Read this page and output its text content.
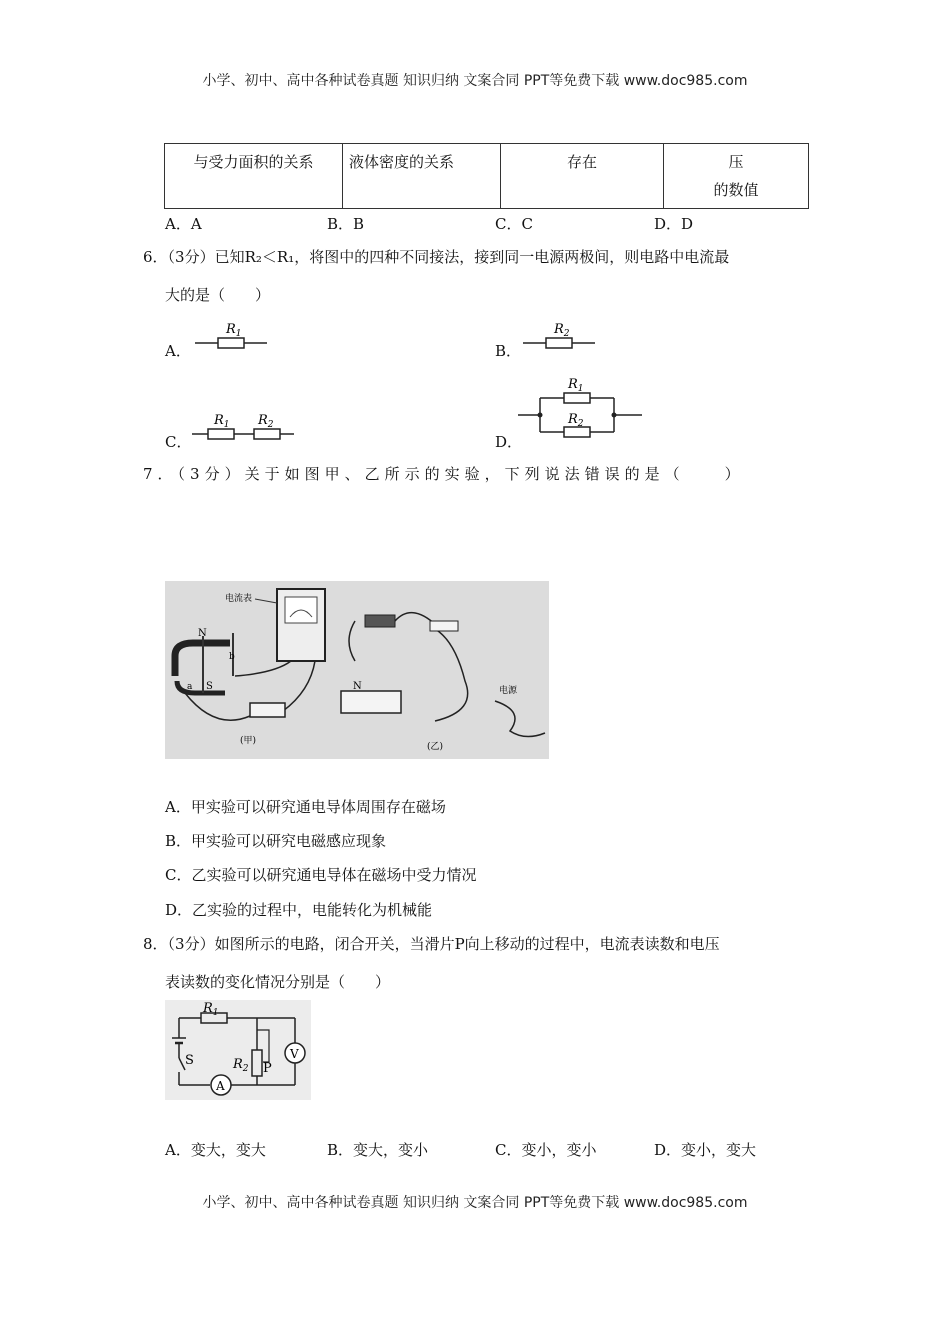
小学、初中、高中各种试卷真题 知识归纳 文案合同 PPT等免费下载 www.doc985.com
与受力面积的关系	液体密度的关系	存在	压
的数值
A．A	B．B	C．C	D．D
6．（3分）已知R₂＜R₁，将图中的四种不同接法，接到同一电源两极间，则电路中电流最
大的是（　　）
A．
$R_1$
B．
$R_2$
C．
$R_1$ $R_2$
D．
$R_1$
$R_2$
7．（3分）关于如图甲、乙所示的实验，下列说法错误的是（　　）
N
S
a
b
电流表
(甲)
N	电源
(乙)
A．甲实验可以研究通电导体周围存在磁场
B．甲实验可以研究电磁感应现象
C．乙实验可以研究通电导体在磁场中受力情况
D．乙实验的过程中，电能转化为机械能
8．（3分）如图所示的电路，闭合开关，当滑片P向上移动的过程中，电流表读数和电压
表读数的变化情况分别是（　　）
$R_1$
S
A
$R_2$ P
V
A．变大，变大	B．变大，变小	C．变小，变小	D．变小，变大
小学、初中、高中各种试卷真题 知识归纳 文案合同 PPT等免费下载 www.doc985.com
